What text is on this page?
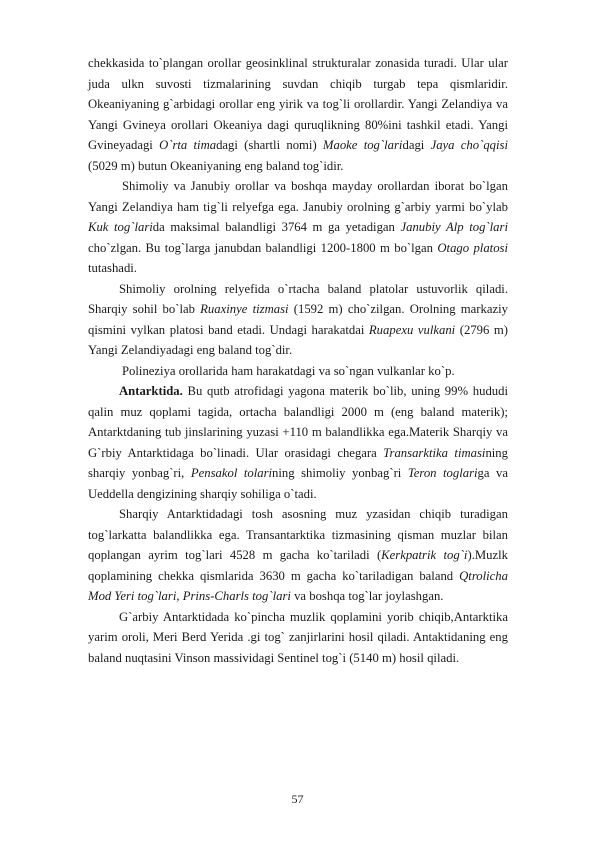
chekkasida to`plangan orollar geosinklinal strukturalar zonasida turadi. Ular ular juda ulkn suvosti tizmalarining suvdan chiqib turgab tepa qismlaridir. Okeaniyaning g`arbidagi orollar eng yirik va tog`li orollardir. Yangi Zelandiya va Yangi Gvineya orollari Okeaniya dagi quruqlikning 80%ini tashkil etadi. Yangi Gvineyadagi O`rta timadagi (shartli nomi) Maoke tog`laridagi Jaya cho`qqisi (5029 m) butun Okeaniyaning eng baland tog`idir.

Shimoliy va Janubiy orollar va boshqa mayday orollardan iborat bo`lgan Yangi Zelandiya ham tig`li relyefga ega. Janubiy orolning g`arbiy yarmi bo`ylab Kuk tog`larida maksimal balandligi 3764 m ga yetadigan Janubiy Alp tog`lari cho`zlgan. Bu tog`larga janubdan balandligi 1200-1800 m bo`lgan Otago platosi tutashadi.

Shimoliy orolning relyefida o`rtacha baland platolar ustuvorlik qiladi. Sharqiy sohil bo`lab Ruaxinye tizmasi (1592 m) cho`zilgan. Orolning markaziy qismini vylkan platosi band etadi. Undagi harakatdai Ruapexu vulkani (2796 m) Yangi Zelandiyadagi eng baland tog`dir.

Polineziya orollarida ham harakatdagi va so`ngan vulkanlar ko`p.

Antarktida. Bu qutb atrofidagi yagona materik bo`lib, uning 99% hududi qalin muz qoplami tagida, ortacha balandligi 2000 m (eng baland materik); Antarktdaning tub jinslarining yuzasi +110 m balandlikka ega.Materik Sharqiy va G`rbiy Antarktidaga bo`linadi. Ular orasidagi chegara Transarktika timasining sharqiy yonbag`ri, Pensakol tolarining shimoliy yonbag`ri Teron toglariga va Ueddella dengizining sharqiy sohiliga o`tadi.

Sharqiy Antarktidadagi tosh asosning muz yzasidan chiqib turadigan tog`larkatta balandlikka ega. Transantarktika tizmasining qisman muzlar bilan qoplangan ayrim tog`lari 4528 m gacha ko`tariladi (Kerkpatrik tog`i).Muzlk qoplamining chekka qismlarida 3630 m gacha ko`tariladigan baland Qtrolicha Mod Yeri tog`lari, Prins-Charls tog`lari va boshqa tog`lar joylashgan.

G`arbiy Antarktidada ko`pincha muzlik qoplamini yorib chiqib,Antarktika yarim oroli, Meri Berd Yerida .gi tog` zanjirlarini hosil qiladi. Antaktidaning eng baland nuqtasini Vinson massividagi Sentinel tog`i (5140 m) hosil qiladi.

57
